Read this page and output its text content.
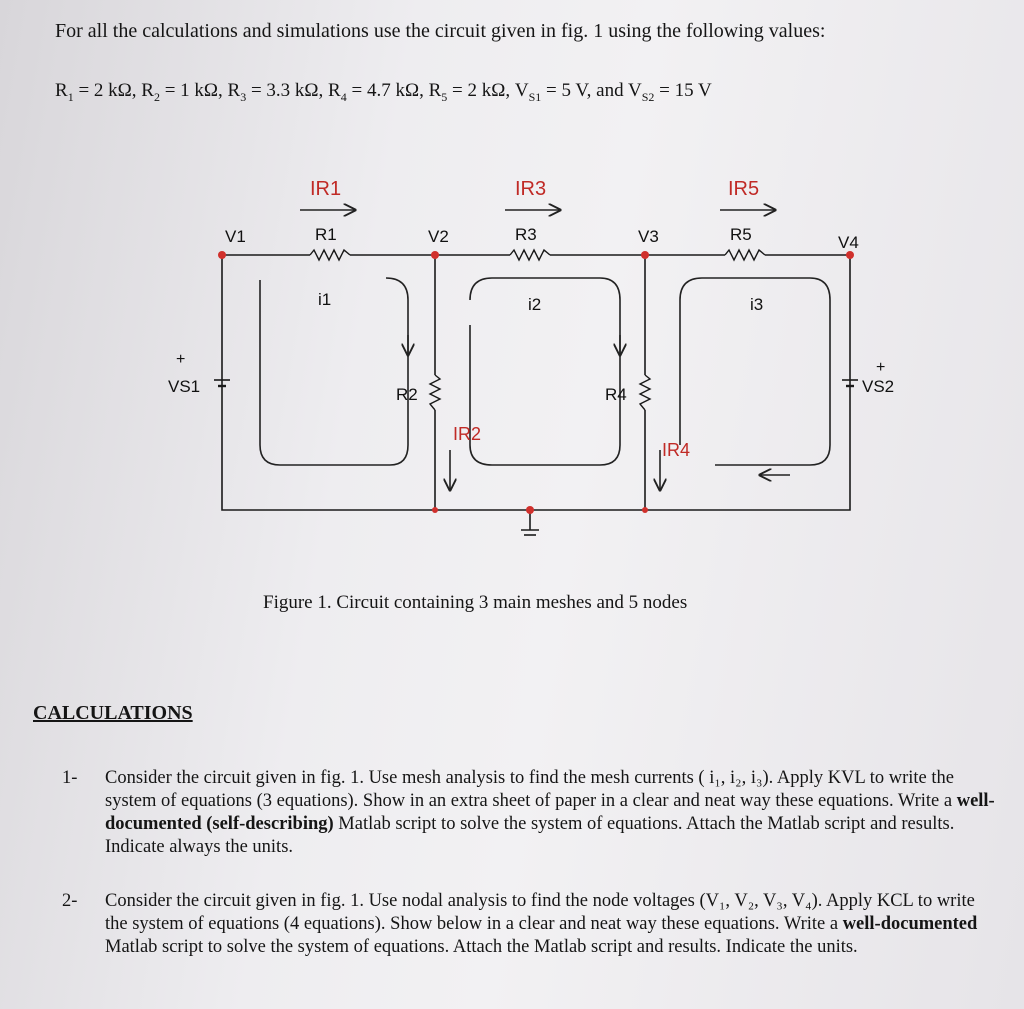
For all the calculations and simulations use the circuit given in fig. 1 using the following values:
$R_1 = 2$ kΩ, $R_2 = 1$ kΩ, $R_3 = 3.3$ kΩ, $R_4 = 4.7$ kΩ, $R_5 = 2$ kΩ, $V_{S1} = 5$ V, and $V_{S2} = 15$ V
IR1	IR3	IR5
R1	R3	R5
R2	R4
V1	V2	V3	V4
VS1	VS2
+	+
i1	i2	i3
IR2
IR4
Figure 1. Circuit containing 3 main meshes and 5 nodes
CALCULATIONS
1- Consider the circuit given in fig. 1. Use mesh analysis to find the mesh currents ( i₁, i₂, i₃). Apply KVL to write the system of equations (3 equations). Show in an extra sheet of paper in a clear and neat way these equations. Write a well-documented (self-describing) Matlab script to solve the system of equations. Attach the Matlab script and results. Indicate always the units.
2- Consider the circuit given in fig. 1. Use nodal analysis to find the node voltages (V₁, V₂, V₃, V₄). Apply KCL to write the system of equations (4 equations). Show below in a clear and neat way these equations. Write a well-documented Matlab script to solve the system of equations. Attach the Matlab script and results. Indicate the units.
